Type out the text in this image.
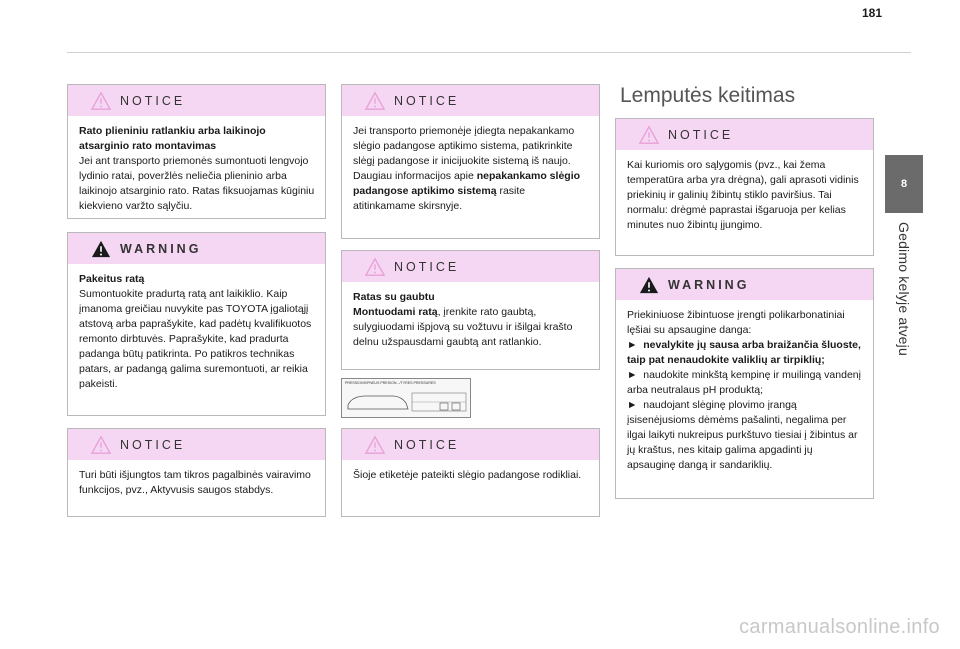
181
8
Gedimo kelyje atveju
NOTICE

Rato plieniniu ratlankiu arba laikinojo atsarginio rato montavimas

Jei ant transporto priemonės sumontuoti lengvojo lydinio ratai, poveržlės neliečia plieninio arba laikinojo atsarginio rato. Ratas fiksuojamas kūginiu kiekvieno varžto sąlyčiu.

WARNING

Pakeitus ratą

Sumontuokite pradurtą ratą ant laikiklio. Kaip įmanoma greičiau nuvykite pas TOYOTA įgaliotąjį atstovą arba paprašykite, kad padėtų kvalifikuotos remonto dirbtuvės. Paprašykite, kad pradurta padanga būtų patikrinta. Po patikros technikas patars, ar padangą galima suremontuoti, ar reikia pakeisti.

NOTICE

Turi būti išjungtos tam tikros pagalbinės vairavimo funkcijos, pvz., Aktyvusis saugos stabdys.

NOTICE

Jei transporto priemonėje įdiegta nepakankamo slėgio padangose aptikimo sistema, patikrinkite slėgį padangose ir inicijuokite sistemą iš naujo.

Daugiau informacijos apie nepakankamo slėgio padangose aptikimo sistemą rasite atitinkamame skirsnyje.

NOTICE

Ratas su gaubtu

Montuodami ratą, įrenkite rato gaubtą, sulygiuodami išpjovą su vožtuvu ir išilgai krašto delnu užspausdami gaubtą ant ratlankio.

PRESSIONS/PNEUS PRESION.../TYRES PRESSURES
NOTICE

Šioje etiketėje pateikti slėgio padangose rodikliai.

Lemputės keitimas
NOTICE

Kai kuriomis oro sąlygomis (pvz., kai žema temperatūra arba yra drėgna), gali aprasoti vidinis priekinių ir galinių žibintų stiklo paviršius. Tai normalu: drėgmė paprastai išgaruoja per kelias minutes nuo žibintų įjungimo.

WARNING

Priekiniuose žibintuose įrengti polikarbonatiniai lęšiai su apsaugine danga:

► nevalykite jų sausa arba braižančia šluoste, taip pat nenaudokite valiklių ar tirpiklių;

► naudokite minkštą kempinę ir muilingą vandenį arba neutralaus pH produktą;

► naudojant slėginę plovimo įrangą įsisenėjusioms dėmėms pašalinti, negalima per ilgai laikyti nukreipus purkštuvo tiesiai į žibintus ar jų kraštus, nes kitaip galima apgadinti jų apsauginę dangą ir sandariklių.

carmanualsonline.info
